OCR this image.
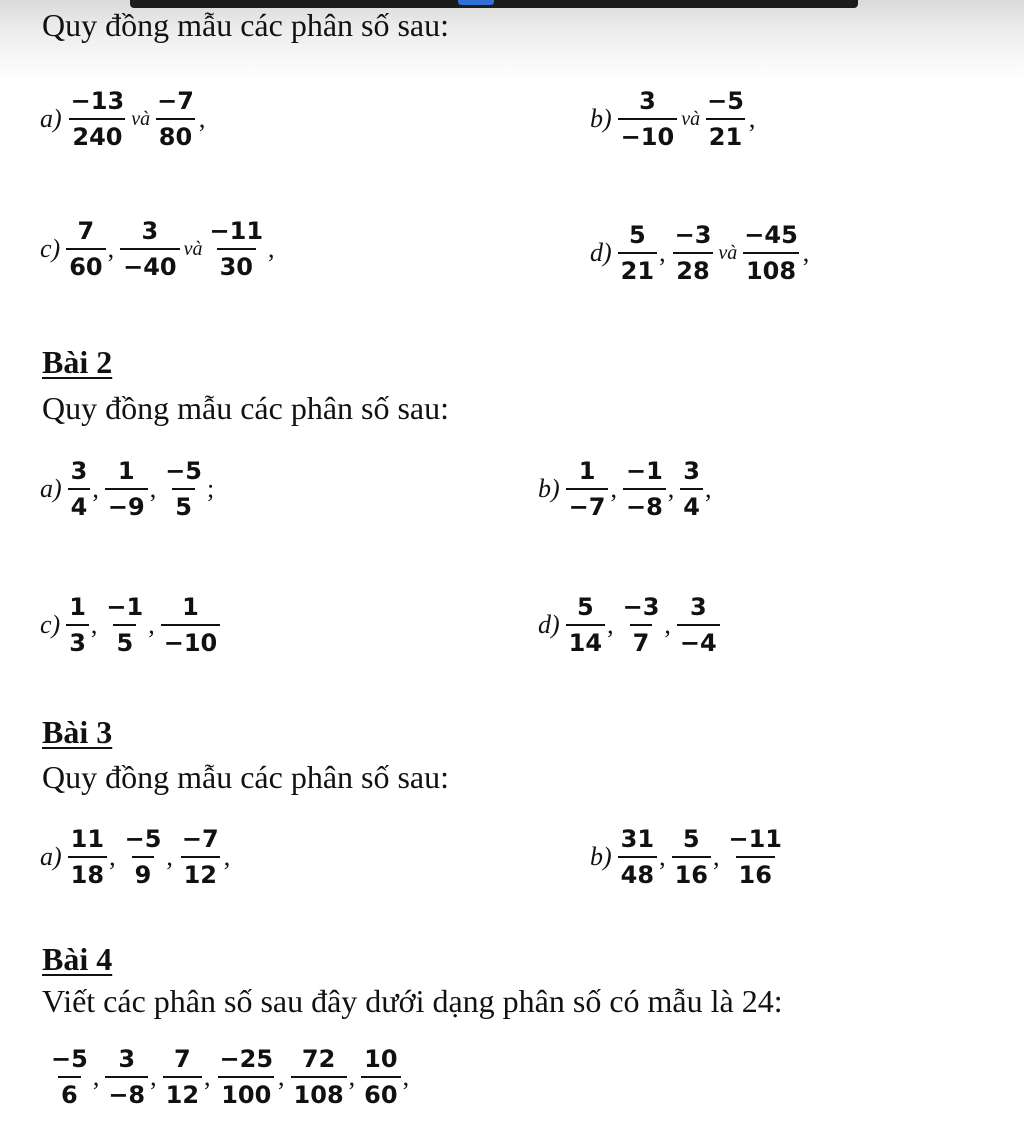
Quy đồng mẫu các phân số sau:
$a) \frac{-13}{240}$ và $\frac{-7}{80}$ ,	$b) \frac{3}{-10}$ và $\frac{-5}{21}$ ,
$c) \frac{7}{60}$ , $\frac{3}{-40}$ và $\frac{-11}{30}$ ,	$d) \frac{5}{21}$ , $\frac{-3}{28}$ và $\frac{-45}{108}$ ,
Bài 2
Quy đồng mẫu các phân số sau:
$a) \frac{3}{4}$ , $\frac{1}{-9}$ , $\frac{-5}{5}$ ;	$b) \frac{1}{-7}$ , $\frac{-1}{-8}$ , $\frac{3}{4}$ ,
$c) \frac{1}{3}$ , $\frac{-1}{5}$ , $\frac{1}{-10}$	$d) \frac{5}{14}$ , $\frac{-3}{7}$ , $\frac{3}{-4}$
Bài 3
Quy đồng mẫu các phân số sau:
$a) \frac{11}{18}$ , $\frac{-5}{9}$ , $\frac{-7}{12}$ ,	$b) \frac{31}{48}$ , $\frac{5}{16}$ , $\frac{-11}{16}$
Bài 4
Viết các phân số sau đây dưới dạng phân số có mẫu là 24:
$\frac{-5}{6}$ , $\frac{3}{-8}$ , $\frac{7}{12}$ , $\frac{-25}{100}$ , $\frac{72}{108}$ , $\frac{10}{60}$ ,
